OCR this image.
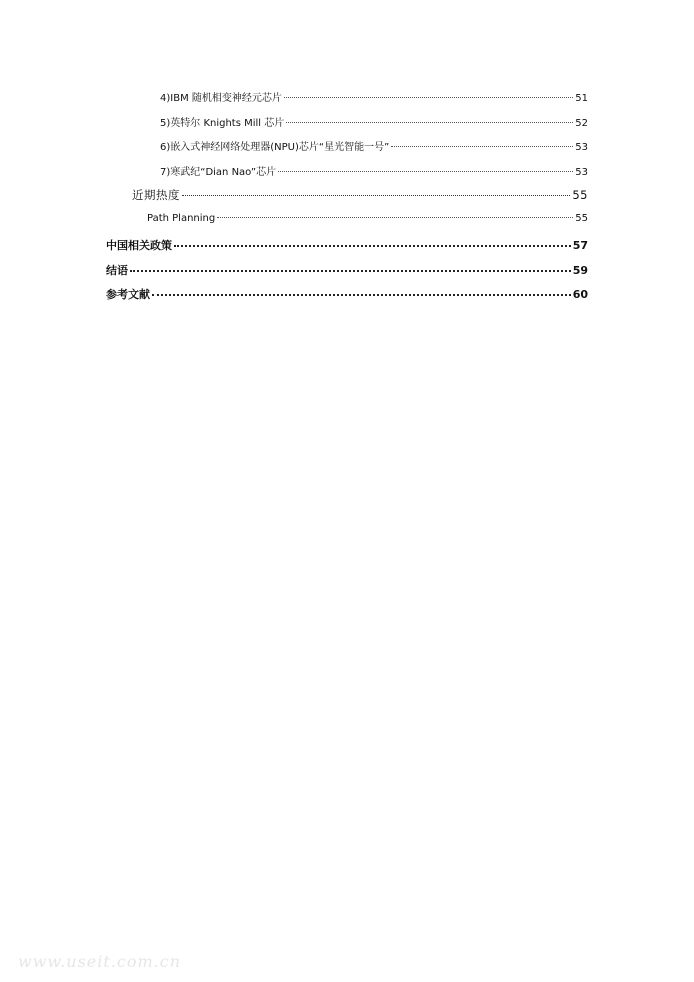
4)IBM 随机相变神经元芯片	51
5)英特尔 Knights Mill 芯片	52
6)嵌入式神经网络处理器(NPU)芯片“星光智能一号”	53
7)寒武纪“Dian Nao”芯片	53
近期热度	55
Path Planning	55
中国相关政策	57
结语	59
参考文献	60
www.useit.com.cn
